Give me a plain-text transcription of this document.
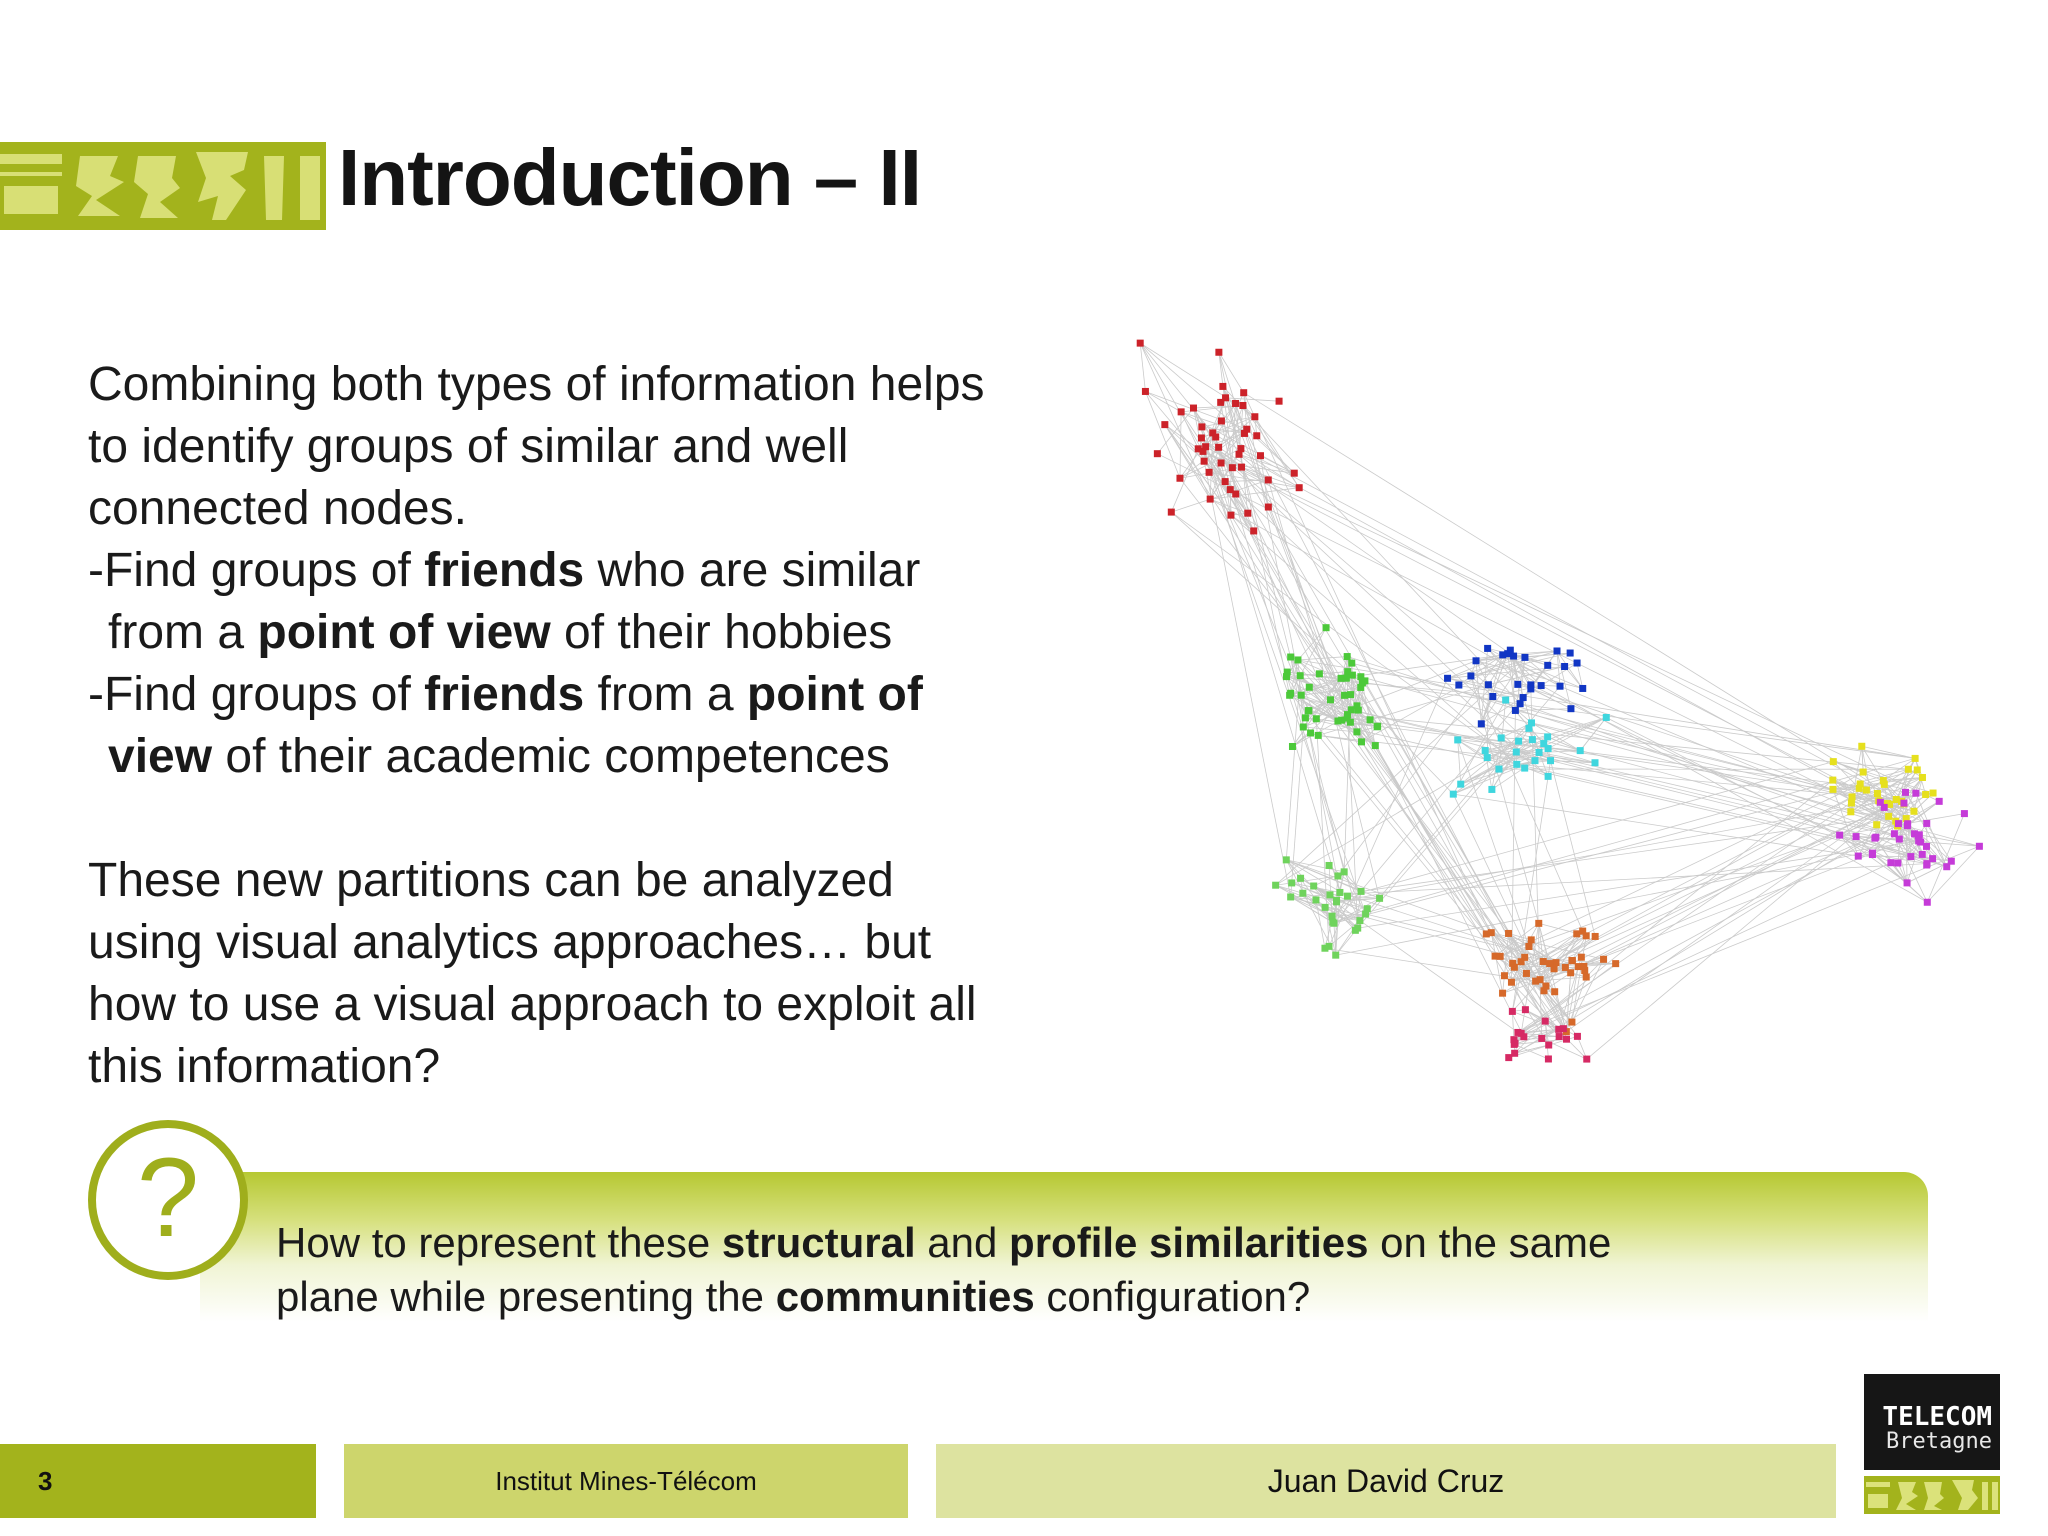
Introduction – II
Combining both types of information helps
to identify groups of similar and well
connected nodes.
-Find groups of friends who are similar
from a point of view of their hobbies
-Find groups of friends from a point of
view of their academic competences
These new partitions can be analyzed
using visual analytics approaches… but
how to use a visual approach to exploit all
this information?
?	How to represent these structural and profile similarities on the same
plane while presenting the communities configuration?
3	Institut Mines-Télécom	Juan David Cruz
TELECOM
Bretagne
